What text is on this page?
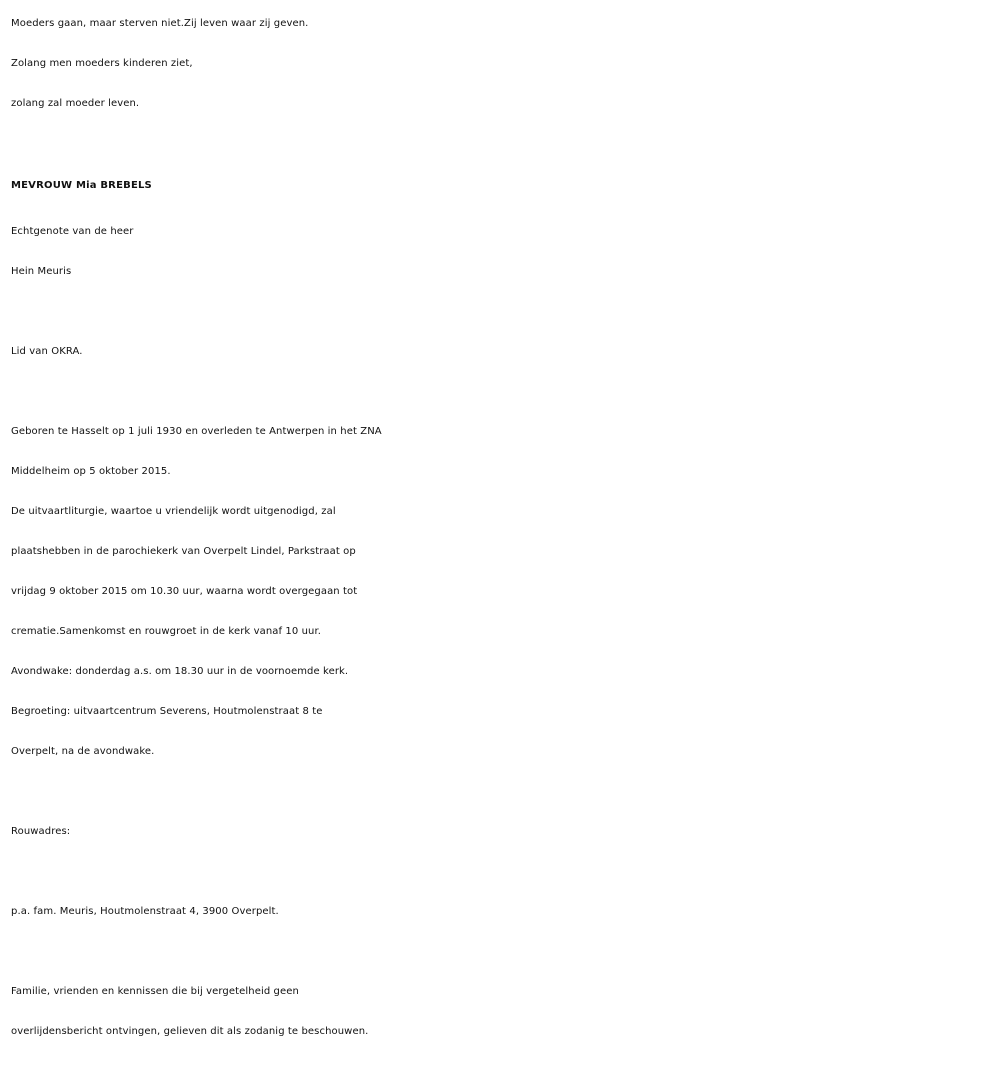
Moeders gaan, maar sterven niet.Zij leven waar zij geven.
Zolang men moeders kinderen ziet,
zolang zal moeder leven.
MEVROUW Mia BREBELS
Echtgenote van de heer
Hein Meuris
Lid van OKRA.
Geboren te Hasselt op 1 juli 1930 en overleden te Antwerpen in het ZNA
Middelheim op 5 oktober 2015.
De uitvaartliturgie, waartoe u vriendelijk wordt uitgenodigd, zal
plaatshebben in de parochiekerk van Overpelt Lindel, Parkstraat op
vrijdag 9 oktober 2015 om 10.30 uur, waarna wordt overgegaan tot
crematie.Samenkomst en rouwgroet in de kerk vanaf 10 uur.
Avondwake: donderdag a.s. om 18.30 uur in de voornoemde kerk.
Begroeting: uitvaartcentrum Severens, Houtmolenstraat 8 te
Overpelt, na de avondwake.
Rouwadres:
p.a. fam. Meuris, Houtmolenstraat 4, 3900 Overpelt.
Familie, vrienden en kennissen die bij vergetelheid geen
overlijdensbericht ontvingen, gelieven dit als zodanig te beschouwen.
